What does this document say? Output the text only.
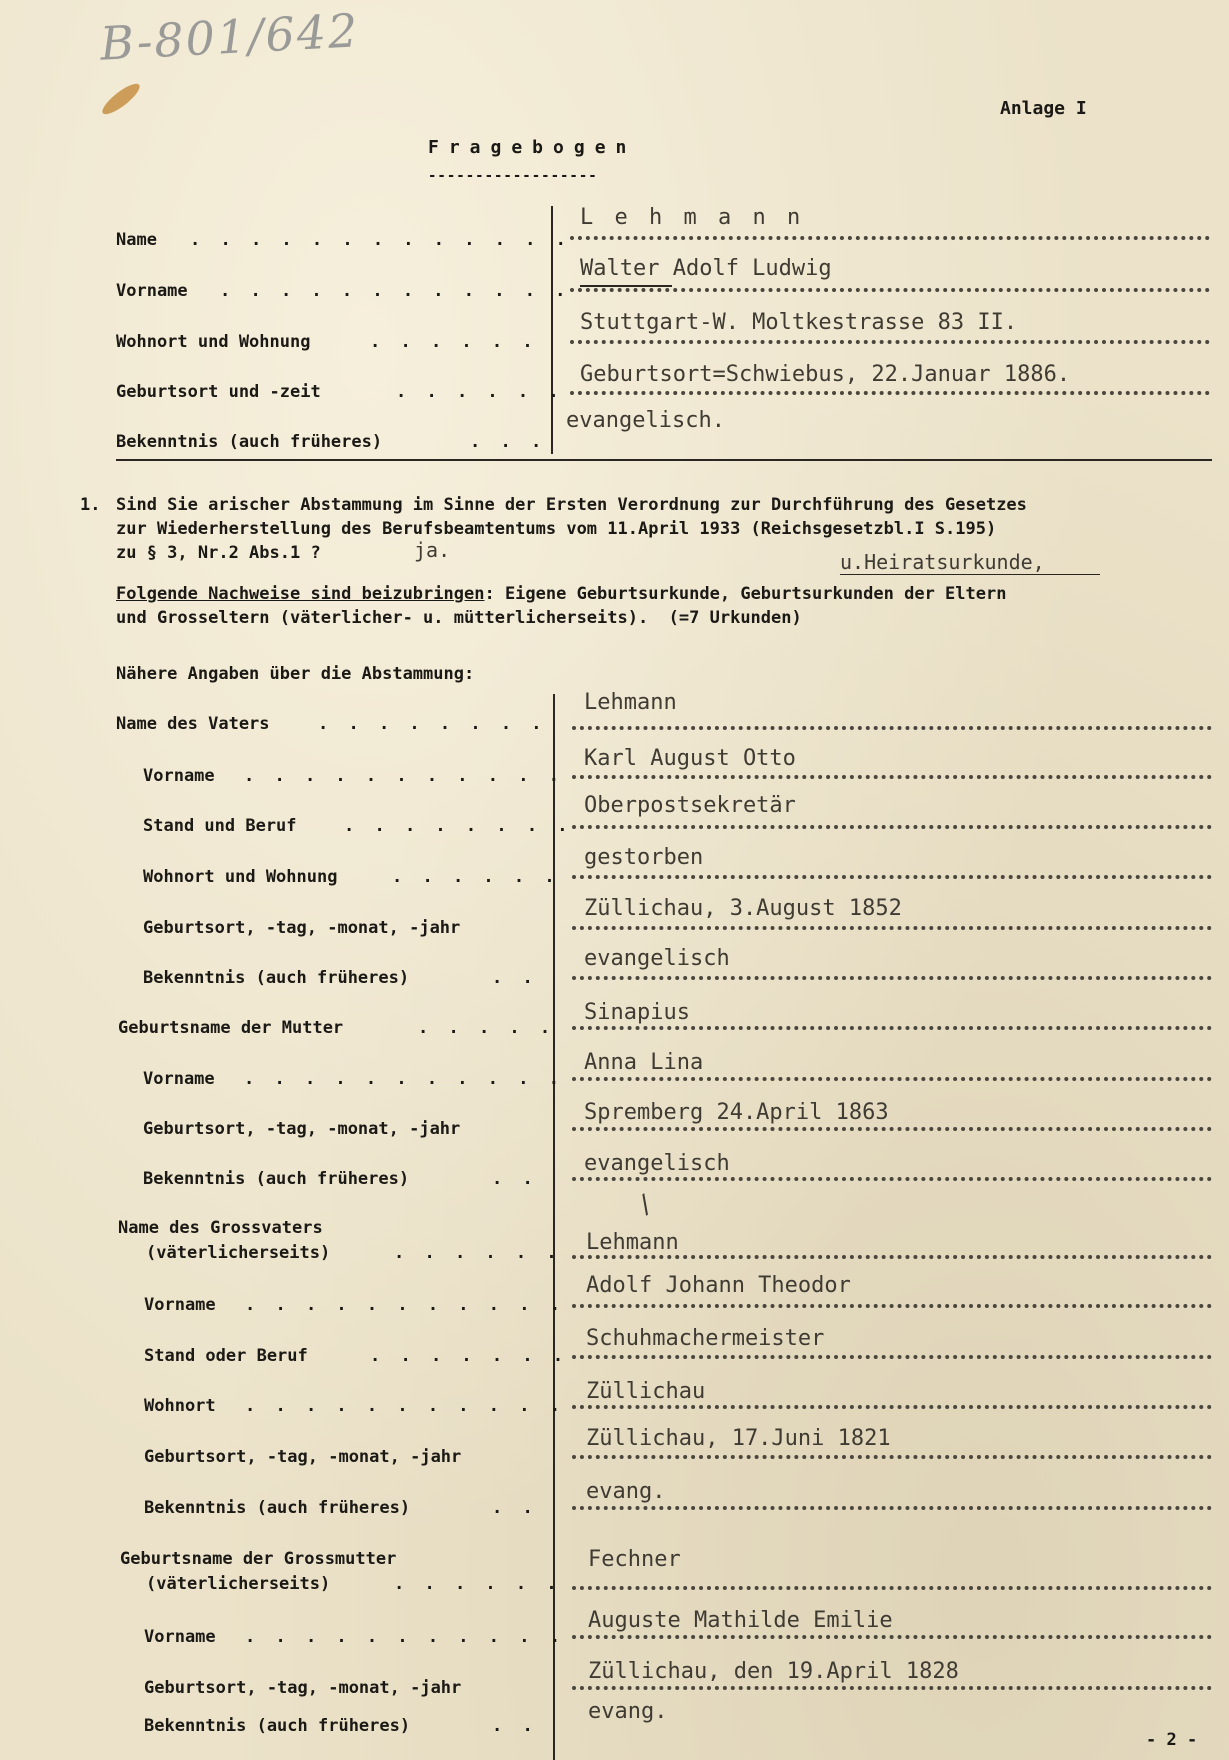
B-801/642
Anlage I
Fragebogen
------------------
Name . . . . . . . . . . . . .
L e h m a n n
Vorname . . . . . . . . . . . .
Walter Adolf Ludwig
Wohnort und Wohnung	. . . . . .
Stuttgart-W. Moltkestrasse 83 II.
Geburtsort und -zeit	. . . . . .
Geburtsort=Schwiebus, 22.Januar 1886.
Bekenntnis (auch früheres)	. . .
evangelisch.
1. Sind Sie arischer Abstammung im Sinne der Ersten Verordnung zur Durchführung des Gesetzes
zur Wiederherstellung des Berufsbeamtentums vom 11.April 1933 (Reichsgesetzbl.I S.195)
zu § 3, Nr.2 Abs.1 ?	ja.	u.Heiratsurkunde,
Folgende Nachweise sind beizubringen: Eigene Geburtsurkunde, Geburtsurkunden der Eltern
und Grosseltern (väterlicher- u. mütterlicherseits).  (=7 Urkunden)
Nähere Angaben über die Abstammung:
Name des Vaters	. . . . . . . .
Lehmann
Vorname . . . . . . . . . . .
Karl August Otto
Stand und Beruf	. . . . . . . .
Oberpostsekretär
Wohnort und Wohnung	. . . . . .
gestorben
Geburtsort, -tag, -monat, -jahr
Züllichau, 3.August 1852
Bekenntnis (auch früheres)	. .
evangelisch
Geburtsname der Mutter	. . . . .
Sinapius
Vorname . . . . . . . . . . .
Anna Lina
Geburtsort, -tag, -monat, -jahr
Spremberg 24.April 1863
Bekenntnis (auch früheres)	. .
evangelisch
/
Name des Grossvaters
(väterlicherseits)	. . . . . . Lehmann
Vorname . . . . . . . . . . .
Adolf Johann Theodor
Stand oder Beruf	. . . . . . .
Schuhmachermeister
Wohnort . . . . . . . . . . .
Züllichau
Geburtsort, -tag, -monat, -jahr
Züllichau, 17.Juni 1821
Bekenntnis (auch früheres)	. .
evang.
Geburtsname der Grossmutter
(väterlicherseits)	. . . . . .
Fechner
Vorname . . . . . . . . . . .
Auguste Mathilde Emilie
Geburtsort, -tag, -monat, -jahr
Züllichau, den 19.April 1828
Bekenntnis (auch früheres)	. .
evang.
- 2 -
